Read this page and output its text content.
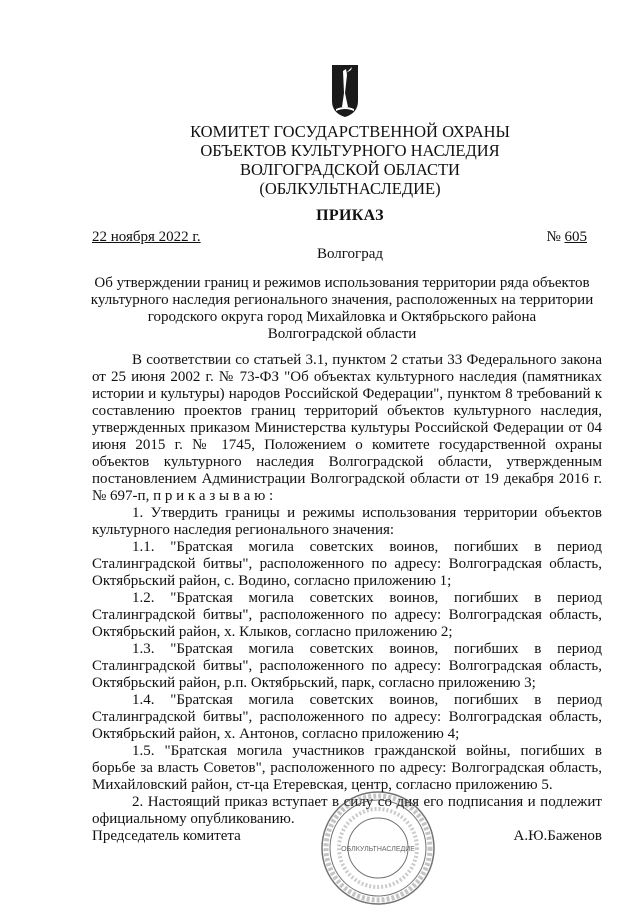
КОМИТЕТ ГОСУДАРСТВЕННОЙ ОХРАНЫ
ОБЪЕКТОВ КУЛЬТУРНОГО НАСЛЕДИЯ
ВОЛГОГРАДСКОЙ ОБЛАСТИ
(ОБЛКУЛЬТНАСЛЕДИЕ)
ПРИКАЗ
22 ноября 2022 г.	№ 605
Волгоград
Об утверждении границ и режимов использования территории ряда объектов
культурного наследия регионального значения, расположенных на территории
городского округа город Михайловка и Октябрьского района
Волгоградской области

В соответствии со статьей 3.1, пунктом 2 статьи 33 Федерального закона от 25 июня 2002 г. № 73-ФЗ "Об объектах культурного наследия (памятниках истории и культуры) народов Российской Федерации", пунктом 8 требований к составлению проектов границ территорий объектов культурного наследия, утвержденных приказом Министерства культуры Российской Федерации от 04 июня 2015 г. № 1745, Положением о комитете государственной охраны объектов культурного наследия Волгоградской области, утвержденным постановлением Администрации Волгоградской области от 19 декабря 2016 г. № 697-п, п р и к а з ы в а ю :

1. Утвердить границы и режимы использования территории объектов культурного наследия регионального значения:

1.1. "Братская могила советских воинов, погибших в период Сталинградской битвы", расположенного по адресу: Волгоградская область, Октябрьский район, с. Водино, согласно приложению 1;

1.2. "Братская могила советских воинов, погибших в период Сталинградской битвы", расположенного по адресу: Волгоградская область, Октябрьский район, х. Клыков, согласно приложению 2;

1.3. "Братская могила советских воинов, погибших в период Сталинградской битвы", расположенного по адресу: Волгоградская область, Октябрьский район, р.п. Октябрьский, парк, согласно приложению 3;

1.4. "Братская могила советских воинов, погибших в период Сталинградской битвы", расположенного по адресу: Волгоградская область, Октябрьский район, х. Антонов, согласно приложению 4;

1.5. "Братская могила участников гражданской войны, погибших в борьбе за власть Советов", расположенного по адресу: Волгоградская область, Михайловский район, ст-ца Етеревская, центр, согласно приложению 5.

2. Настоящий приказ вступает в силу со дня его подписания и подлежит официальному опубликованию.

ОБЛКУЛЬТНАСЛЕДИЕ
Председатель комитета	А.Ю.Баженов
